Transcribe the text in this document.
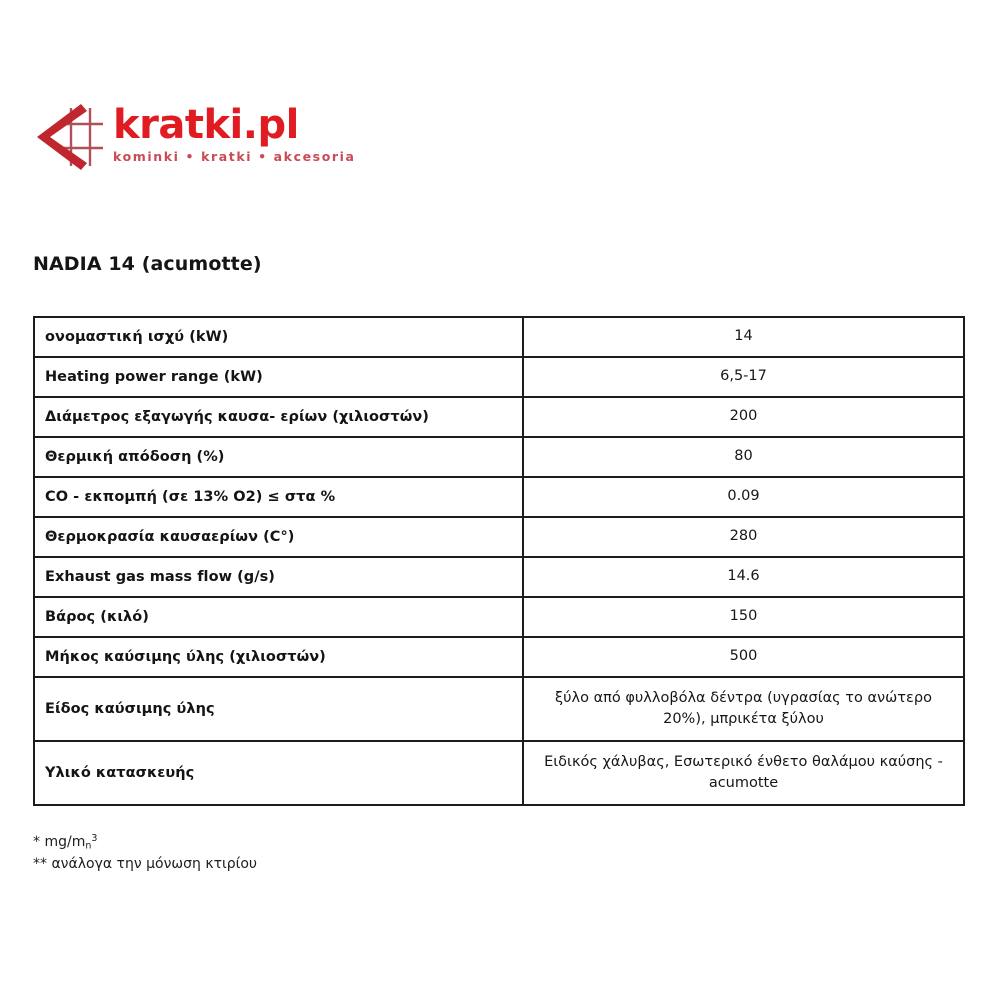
kratki.pl
kominki • kratki • akcesoria
NADIA 14 (acumotte)
ονομαστική ισχύ (kW)	14
Heating power range (kW)	6,5-17
Διάμετρος εξαγωγής καυσα- ερίων (χιλιοστών)	200
Θερμική απόδοση (%)	80
CO - εκπομπή (σε 13% O2) ≤ στα %	0.09
Θερμοκρασία καυσαερίων (C°)	280
Exhaust gas mass flow (g/s)	14.6
Βάρος (κιλό)	150
Μήκος καύσιμης ύλης (χιλιοστών)	500
Είδος καύσιμης ύλης	ξύλο από φυλλοβόλα δέντρα (υγρασίας το ανώτερο 20%), μπρικέτα ξύλου
Υλικό κατασκευής	Ειδικός χάλυβας, Εσωτερικό ένθετο θαλάμου καύσης - acumotte
* $mg/m_n^3$
** ανάλογα την μόνωση κτιρίου
